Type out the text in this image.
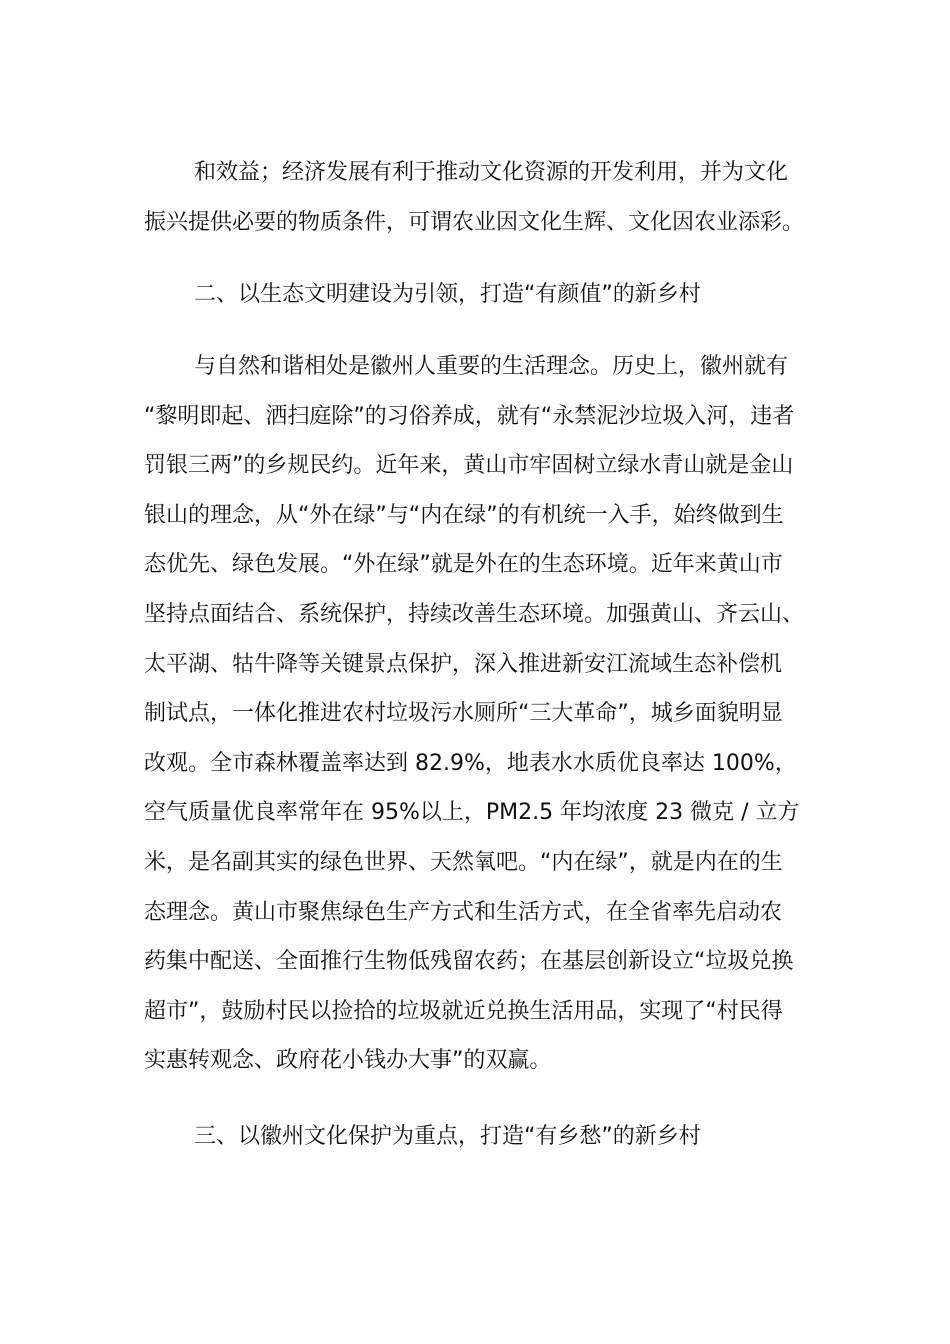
和效益；经济发展有利于推动文化资源的开发利用，并为文化
振兴提供必要的物质条件，可谓农业因文化生辉、文化因农业添彩。
二、以生态文明建设为引领，打造“有颜值”的新乡村
与自然和谐相处是徽州人重要的生活理念。历史上，徽州就有
“黎明即起、洒扫庭除”的习俗养成，就有“永禁泥沙垃圾入河，违者
罚银三两”的乡规民约。近年来，黄山市牢固树立绿水青山就是金山
银山的理念，从“外在绿”与“内在绿”的有机统一入手，始终做到生
态优先、绿色发展。“外在绿”就是外在的生态环境。近年来黄山市
坚持点面结合、系统保护，持续改善生态环境。加强黄山、齐云山、
太平湖、牯牛降等关键景点保护，深入推进新安江流域生态补偿机
制试点，一体化推进农村垃圾污水厕所“三大革命”，城乡面貌明显
改观。全市森林覆盖率达到 82.9%，地表水水质优良率达 100%，
空气质量优良率常年在 95%以上，PM2.5 年均浓度 23 微克 / 立方
米，是名副其实的绿色世界、天然氧吧。“内在绿”，就是内在的生
态理念。黄山市聚焦绿色生产方式和生活方式，在全省率先启动农
药集中配送、全面推行生物低残留农药；在基层创新设立“垃圾兑换
超市”，鼓励村民以捡拾的垃圾就近兑换生活用品，实现了“村民得
实惠转观念、政府花小钱办大事”的双赢。
三、以徽州文化保护为重点，打造“有乡愁”的新乡村
